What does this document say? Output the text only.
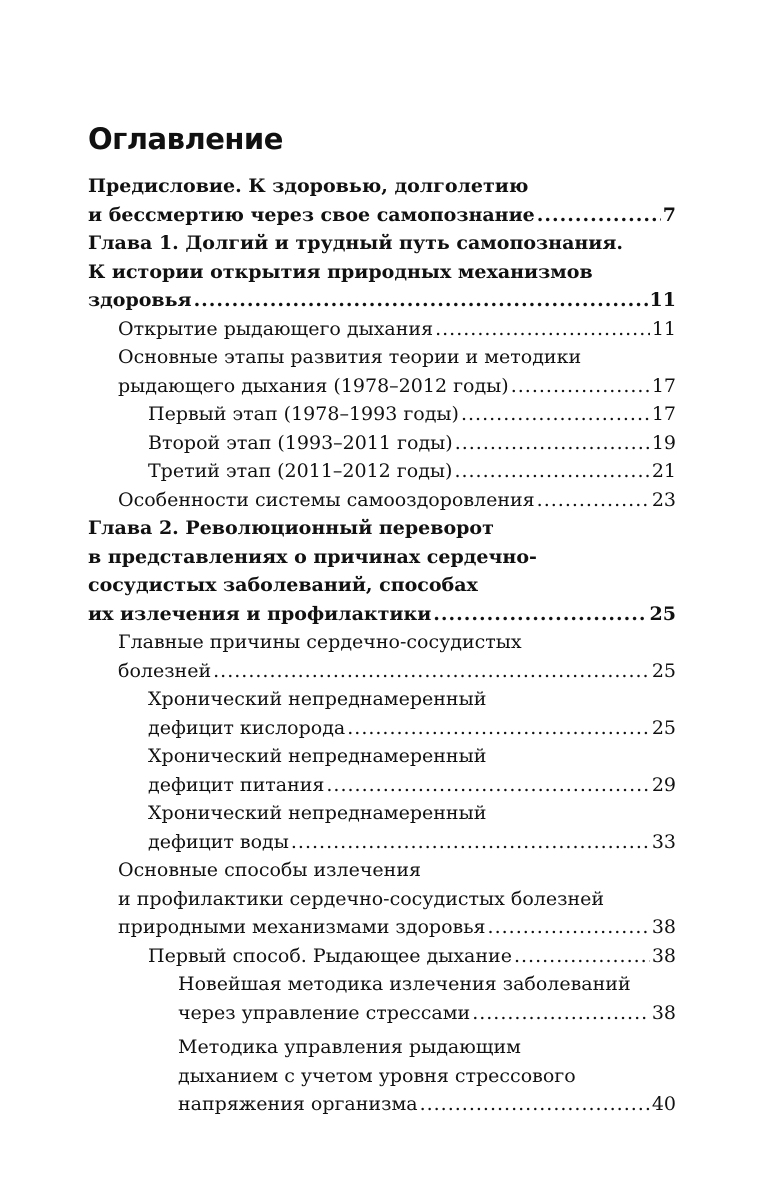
Оглавление
Предисловие. К здоровью, долголетию
и бессмертию через свое самопознание .....	7
Глава 1. Долгий и трудный путь самопознания.
К истории открытия природных механизмов
здоровья .....	11
Открытие рыдающего дыхания .....	11
Основные этапы развития теории и методики
рыдающего дыхания (1978–2012 годы) .....	17
Первый этап (1978–1993 годы) .....	17
Второй этап (1993–2011 годы) .....	19
Третий этап (2011–2012 годы) .....	21
Особенности системы самооздоровления .....	23
Глава 2. Революционный переворот
в представлениях о причинах сердечно-
сосудистых заболеваний, способах
их излечения и профилактики .....	25
Главные причины сердечно-сосудистых
болезней .....	25
Хронический непреднамеренный
дефицит кислорода .....	25
Хронический непреднамеренный
дефицит питания .....	29
Хронический непреднамеренный
дефицит воды .....	33
Основные способы излечения
и профилактики сердечно-сосудистых болезней
природными механизмами здоровья .....	38
Первый способ. Рыдающее дыхание .....	38
Новейшая методика излечения заболеваний
через управление стрессами .....	38
Методика управления рыдающим
дыханием с учетом уровня стрессового
напряжения организма .....	40
